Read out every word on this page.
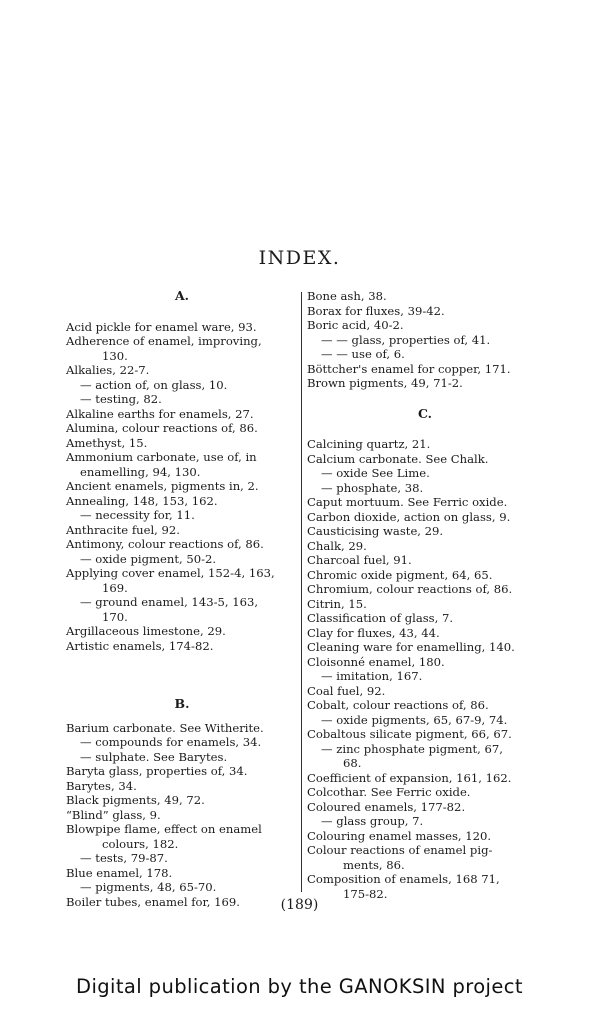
INDEX.
A.
Acid pickle for enamel ware, 93.
Adherence of enamel, improving,
130.
Alkalies, 22-7.
— action of, on glass, 10.
— testing, 82.
Alkaline earths for enamels, 27.
Alumina, colour reactions of, 86.
Amethyst, 15.
Ammonium carbonate, use of, in
enamelling, 94, 130.
Ancient enamels, pigments in, 2.
Annealing, 148, 153, 162.
— necessity for, 11.
Anthracite fuel, 92.
Antimony, colour reactions of, 86.
— oxide pigment, 50-2.
Applying cover enamel, 152-4, 163,
169.
— ground enamel, 143-5, 163,
170.
Argillaceous limestone, 29.
Artistic enamels, 174-82.
B.
Barium carbonate. See Witherite.
— compounds for enamels, 34.
— sulphate. See Barytes.
Baryta glass, properties of, 34.
Barytes, 34.
Black pigments, 49, 72.
“Blind” glass, 9.
Blowpipe flame, effect on enamel
colours, 182.
— tests, 79-87.
Blue enamel, 178.
— pigments, 48, 65-70.
Boiler tubes, enamel for, 169.
Bone ash, 38.
Borax for fluxes, 39-42.
Boric acid, 40-2.
— — glass, properties of, 41.
— — use of, 6.
Böttcher's enamel for copper, 171.
Brown pigments, 49, 71-2.
C.
Calcining quartz, 21.
Calcium carbonate. See Chalk.
— oxide See Lime.
— phosphate, 38.
Caput mortuum. See Ferric oxide.
Carbon dioxide, action on glass, 9.
Causticising waste, 29.
Chalk, 29.
Charcoal fuel, 91.
Chromic oxide pigment, 64, 65.
Chromium, colour reactions of, 86.
Citrin, 15.
Classification of glass, 7.
Clay for fluxes, 43, 44.
Cleaning ware for enamelling, 140.
Cloisonné enamel, 180.
— imitation, 167.
Coal fuel, 92.
Cobalt, colour reactions of, 86.
— oxide pigments, 65, 67-9, 74.
Cobaltous silicate pigment, 66, 67.
— zinc phosphate pigment, 67,
68.
Coefficient of expansion, 161, 162.
Colcothar. See Ferric oxide.
Coloured enamels, 177-82.
— glass group, 7.
Colouring enamel masses, 120.
Colour reactions of enamel pig-
ments, 86.
Composition of enamels, 168 71,
175-82.
(189)
Digital publication by the GANOKSIN project
